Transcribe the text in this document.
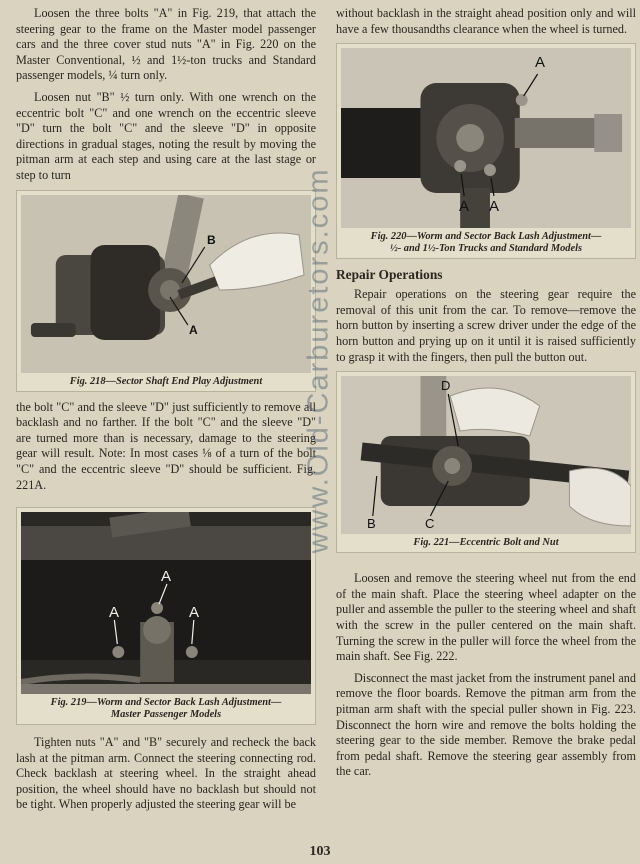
Loosen the three bolts "A" in Fig. 219, that attach the steering gear to the frame on the Master model passenger cars and the three cover stud nuts "A" in Fig. 220 on the Master Conventional, ½ and 1½-ton trucks and Standard passenger models, ¼ turn only.

Loosen nut "B" ½ turn only. With one wrench on the eccentric bolt "C" and one wrench on the eccentric sleeve "D" turn the bolt "C" and the sleeve "D" in opposite directions in gradual stages, noting the result by moving the pitman arm at each step and using care at the last stage or step to turn

B
A
Fig. 218—Sector Shaft End Play Adjustment

the bolt "C" and the sleeve "D" just sufficiently to remove all backlash and no farther. If the bolt "C" and the sleeve "D" are turned more than is necessary, damage to the steering gear will result. Note: In most cases ⅛ of a turn of the bolt "C" and the eccentric sleeve "D" should be sufficient. Fig. 221A.

A
A	A
Fig. 219—Worm and Sector Back Lash Adjustment—
Master Passenger Models

Tighten nuts "A" and "B" securely and recheck the back lash at the pitman arm. Connect the steering connecting rod. Check backlash at steering wheel. In the straight ahead position, the wheel should have no backlash but should not be tight. When properly adjusted the steering gear will be

www.Old-Carburetors.com

without backlash in the straight ahead position only and will have a few thousandths clearance when the wheel is turned.

A
A A
Fig. 220—Worm and Sector Back Lash Adjustment—
½- and 1½-Ton Trucks and Standard Models
Repair Operations

Repair operations on the steering gear require the removal of this unit from the car. To remove—remove the horn button by inserting a screw driver under the edge of the horn button and prying up on it until it is raised sufficiently to grasp it with the fingers, then pull the button out.

D
B	C
Fig. 221—Eccentric Bolt and Nut

Loosen and remove the steering wheel nut from the end of the main shaft. Place the steering wheel adapter on the puller and assemble the puller to the steering wheel and shaft with the screw in the puller centered on the main shaft. Turning the screw in the puller will force the wheel from the main shaft. See Fig. 222.

Disconnect the mast jacket from the instrument panel and remove the floor boards. Remove the pitman arm from the pitman arm shaft with the special puller shown in Fig. 223. Disconnect the horn wire and remove the bolts holding the steering gear to the side member. Remove the brake pedal from pedal shaft. Remove the steering gear assembly from the car.

103
